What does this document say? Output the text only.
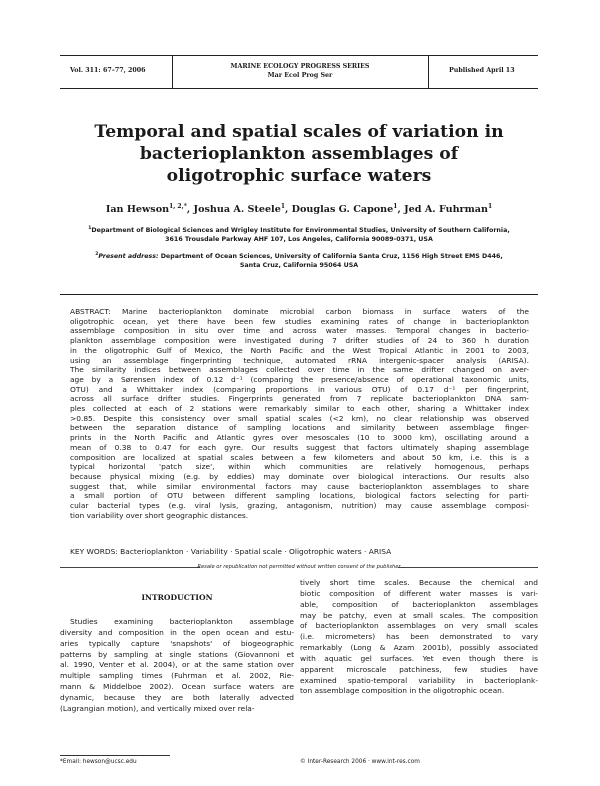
Vol. 311: 67–77, 2006
MARINE ECOLOGY PROGRESS SERIES
Mar Ecol Prog Ser
Published April 13
Temporal and spatial scales of variation in
bacterioplankton assemblages of
oligotrophic surface waters
Ian Hewson$^{1, 2,*}$, Joshua A. Steele$^1$, Douglas G. Capone$^1$, Jed A. Fuhrman$^1$
$^1$Department of Biological Sciences and Wrigley Institute for Environmental Studies, University of Southern California,
3616 Trousdale Parkway AHF 107, Los Angeles, California 90089-0371, USA
$^2$Present address: Department of Ocean Sciences, University of California Santa Cruz, 1156 High Street EMS D446,
Santa Cruz, California 95064 USA
ABSTRACT: Marine bacterioplankton dominate microbial carbon biomass in surface waters of the
oligotrophic ocean, yet there have been few studies examining rates of change in bacterioplankton
assemblage composition in situ over time and across water masses. Temporal changes in bacterio-
plankton assemblage composition were investigated during 7 drifter studies of 24 to 360 h duration
in the oligotrophic Gulf of Mexico, the North Pacific and the West Tropical Atlantic in 2001 to 2003,
using an assemblage fingerprinting technique, automated rRNA intergenic-spacer analysis (ARISA).
The similarity indices between assemblages collected over time in the same drifter changed on aver-
age by a Sørensen index of 0.12 d⁻¹ (comparing the presence/absence of operational taxonomic units,
OTU) and a Whittaker index (comparing proportions in various OTU) of 0.17 d⁻¹ per fingerprint,
across all surface drifter studies. Fingerprints generated from 7 replicate bacterioplankton DNA sam-
ples collected at each of 2 stations were remarkably similar to each other, sharing a Whittaker index
>0.85. Despite this consistency over small spatial scales (<2 km), no clear relationship was observed
between the separation distance of sampling locations and similarity between assemblage finger-
prints in the North Pacific and Atlantic gyres over mesoscales (10 to 3000 km), oscillating around a
mean of 0.38 to 0.47 for each gyre. Our results suggest that factors ultimately shaping assemblage
composition are localized at spatial scales between a few kilometers and about 50 km, i.e. this is a
typical horizontal 'patch size', within which communities are relatively homogenous, perhaps
because physical mixing (e.g. by eddies) may dominate over biological interactions. Our results also
suggest that, while similar environmental factors may cause bacterioplankton assemblages to share
a small portion of OTU between different sampling locations, biological factors selecting for parti-
cular bacterial types (e.g. viral lysis, grazing, antagonism, nutrition) may cause assemblage composi-
tion variability over short geographic distances.
KEY WORDS: Bacterioplankton · Variability · Spatial scale · Oligotrophic waters · ARISA
Resale or republication not permitted without written consent of the publisher
INTRODUCTION
Studies examining bacterioplankton assemblage
diversity and composition in the open ocean and estu-
aries typically capture 'snapshots' of biogeographic
patterns by sampling at single stations (Giovannoni et
al. 1990, Venter et al. 2004), or at the same station over
multiple sampling times (Fuhrman et al. 2002, Rie-
mann & Middelboe 2002). Ocean surface waters are
dynamic, because they are both laterally advected
(Lagrangian motion), and vertically mixed over rela-
tively short time scales. Because the chemical and
biotic composition of different water masses is vari-
able, composition of bacterioplankton assemblages
may be patchy, even at small scales. The composition
of bacterioplankton assemblages on very small scales
(i.e. micrometers) has been demonstrated to vary
remarkably (Long & Azam 2001b), possibly associated
with aquatic gel surfaces. Yet even though there is
apparent microscale patchiness, few studies have
examined spatio-temporal variability in bacterioplank-
ton assemblage composition in the oligotrophic ocean.
*Email: hewson@ucsc.edu	© Inter-Research 2006 · www.int-res.com
